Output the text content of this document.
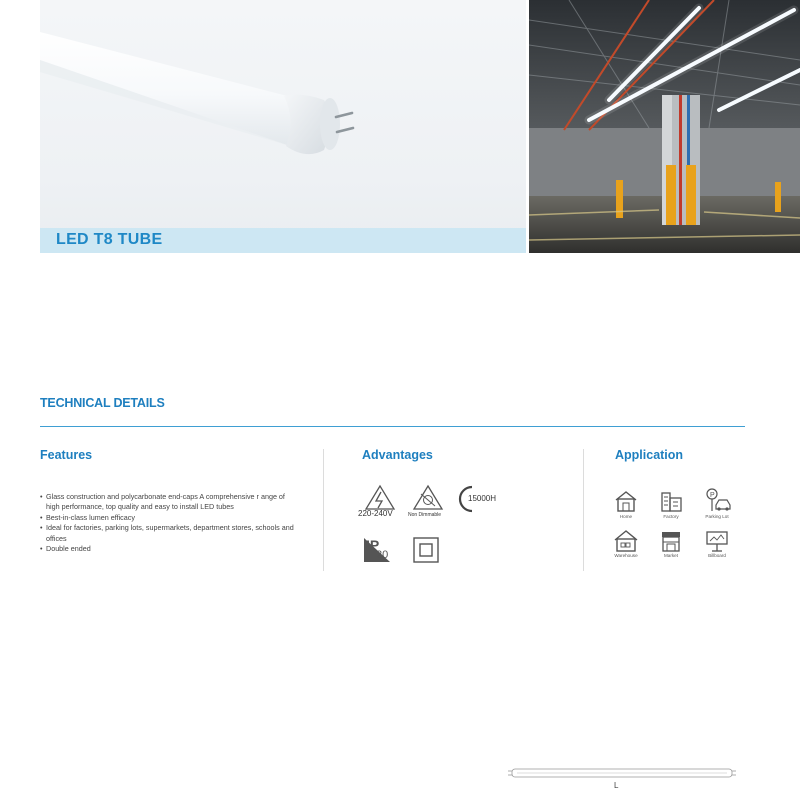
LED T8 TUBE
TECHNICAL DETAILS
Features	Advantages	Application
• Glass construction and polycarbonate end-caps A comprehensive r ange of high performance, top quality and easy to install LED tubes
• Best-in-class lumen efficacy
• Ideal for factories, parking lots, supermarkets, department stores, schools and offices
• Double ended
220-240V	Non Dimmable
15000H
IP
20
Home	Factory
P
Parking Lot
Warehouse	Market	Billboard
L
